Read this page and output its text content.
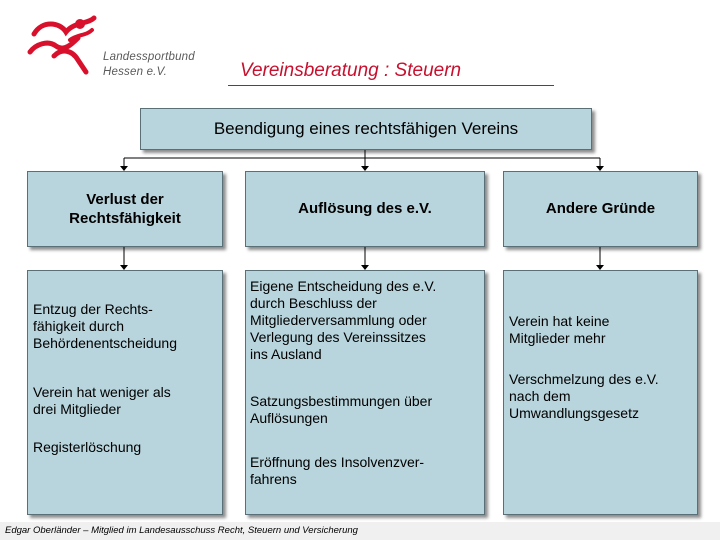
Landessportbund
Hessen e.V.	Vereinsberatung : Steuern
Beendigung eines rechtsfähigen Vereins
Verlust der
Rechtsfähigkeit
Auflösung des e.V.	Andere Gründe
Entzug der Rechts-
fähigkeit durch
Behördenentscheidung
Verein hat weniger als
drei Mitglieder
Registerlöschung
Eigene Entscheidung des e.V.
durch Beschluss der
Mitgliederversammlung oder
Verlegung des Vereinssitzes
ins Ausland
Satzungsbestimmungen über
Auflösungen
Eröffnung des Insolvenzver-
fahrens
Verein hat keine
Mitglieder mehr
Verschmelzung des e.V.
nach dem
Umwandlungsgesetz
Edgar Oberländer – Mitglied im Landesausschuss Recht, Steuern und Versicherung
